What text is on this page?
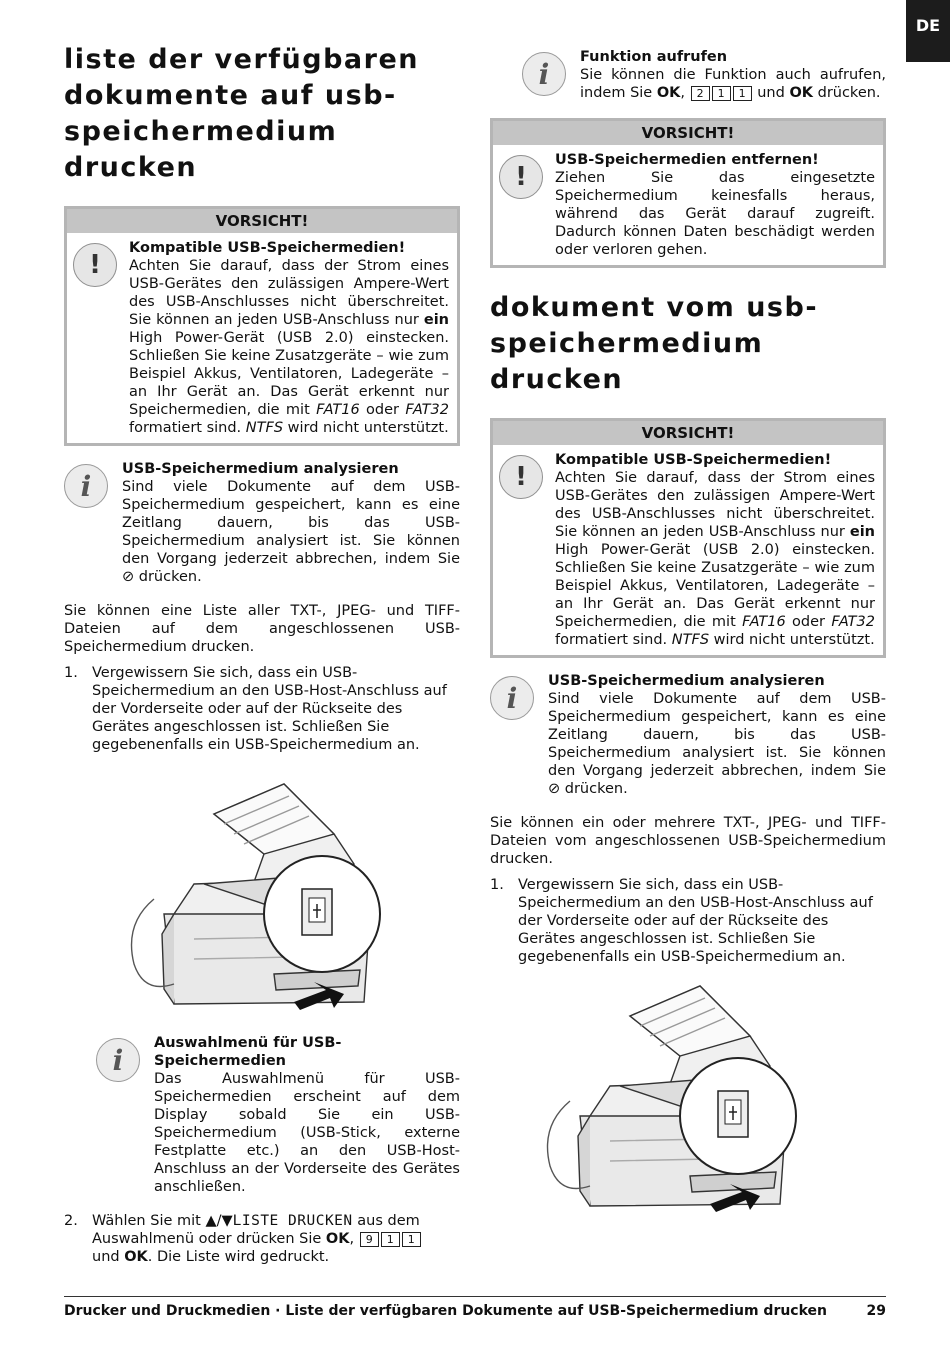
DE
liste der verfügbaren dokumente auf usb-speichermedium drucken
VORSICHT!
!
Kompatible USB-Speichermedien!
Achten Sie darauf, dass der Strom eines USB-Gerätes den zulässigen Ampere-Wert des USB-Anschlusses nicht überschreitet. Sie können an jeden USB-Anschluss nur ein High Power-Gerät (USB 2.0) einstecken. Schließen Sie keine Zusatzgeräte – wie zum Beispiel Akkus, Ventilatoren, Ladegeräte – an Ihr Gerät an. Das Gerät erkennt nur Speichermedien, die mit FAT16 oder FAT32 formatiert sind. NTFS wird nicht unterstützt.
i
USB-Speichermedium analysieren
Sind viele Dokumente auf dem USB-Speichermedium gespeichert, kann es eine Zeitlang dauern, bis das USB-Speichermedium analysiert ist. Sie können den Vorgang jederzeit abbrechen, indem Sie ⊘ drücken.

Sie können eine Liste aller TXT-, JPEG- und TIFF-Dateien auf dem angeschlossenen USB-Speichermedium drucken.

1. Vergewissern Sie sich, dass ein USB-Speichermedium an den USB-Host-Anschluss auf der Vorderseite oder auf der Rückseite des Gerätes angeschlossen ist. Schließen Sie gegebenenfalls ein USB-Speichermedium an.
i
Auswahlmenü für USB-Speichermedien
Das Auswahlmenü für USB-Speichermedien erscheint auf dem Display sobald Sie ein USB-Speichermedium (USB-Stick, externe Festplatte etc.) an den USB-Host-Anschluss an der Vorderseite des Gerätes anschließen.
2. Wählen Sie mit ▲/▼LISTE DRUCKEN aus dem Auswahlmenü oder drücken Sie OK, 9 1 1
und OK. Die Liste wird gedruckt.
i
Funktion aufrufen
Sie können die Funktion auch aufrufen, indem Sie OK, 2 1 1 und OK drücken.
VORSICHT!
!
USB-Speichermedien entfernen!
Ziehen Sie das eingesetzte Speichermedium keinesfalls heraus, während das Gerät darauf zugreift. Dadurch können Daten beschädigt werden oder verloren gehen.
dokument vom usb-speichermedium drucken
VORSICHT!
!
Kompatible USB-Speichermedien!
Achten Sie darauf, dass der Strom eines USB-Gerätes den zulässigen Ampere-Wert des USB-Anschlusses nicht überschreitet. Sie können an jeden USB-Anschluss nur ein High Power-Gerät (USB 2.0) einstecken. Schließen Sie keine Zusatzgeräte – wie zum Beispiel Akkus, Ventilatoren, Ladegeräte – an Ihr Gerät an. Das Gerät erkennt nur Speichermedien, die mit FAT16 oder FAT32 formatiert sind. NTFS wird nicht unterstützt.
i
USB-Speichermedium analysieren
Sind viele Dokumente auf dem USB-Speichermedium gespeichert, kann es eine Zeitlang dauern, bis das USB-Speichermedium analysiert ist. Sie können den Vorgang jederzeit abbrechen, indem Sie ⊘ drücken.

Sie können ein oder mehrere TXT-, JPEG- und TIFF-Dateien vom angeschlossenen USB-Speichermedium drucken.

1. Vergewissern Sie sich, dass ein USB-Speichermedium an den USB-Host-Anschluss auf der Vorderseite oder auf der Rückseite des Gerätes angeschlossen ist. Schließen Sie gegebenenfalls ein USB-Speichermedium an.
Drucker und Druckmedien · Liste der verfügbaren Dokumente auf USB-Speichermedium drucken	29
